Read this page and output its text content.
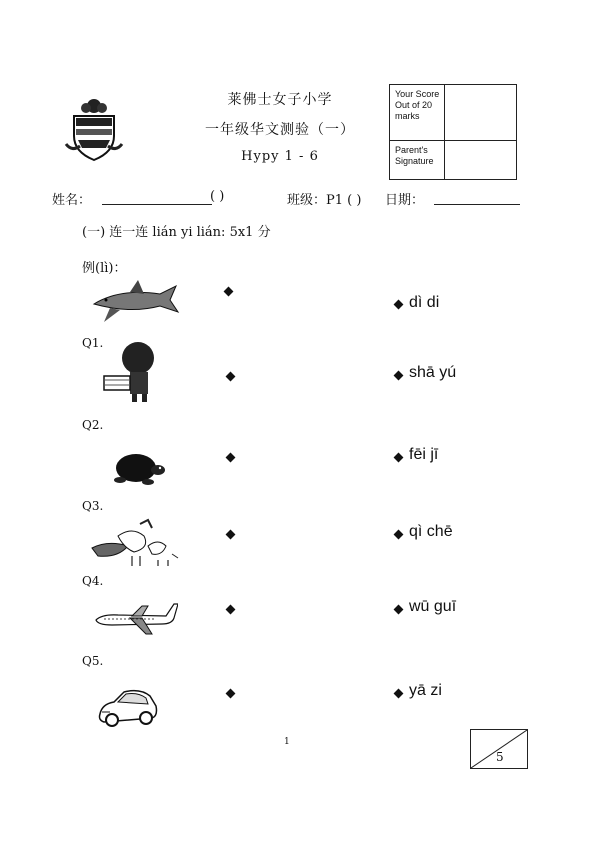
莱佛士女子小学
一年级华文测验（一）
Hypy 1 - 6
Your Score Out of 20 marks
Parent's Signature
姓名：	( )	班级：P1 ( ) 日期：
(一) 连一连 lián yi lián: 5x1 分
例(lì)：
Q1.
Q2.
Q3.
Q4.
Q5.
dì di
shā yú
fēi jī
qì chē
wū guī
yā zi
1
5
